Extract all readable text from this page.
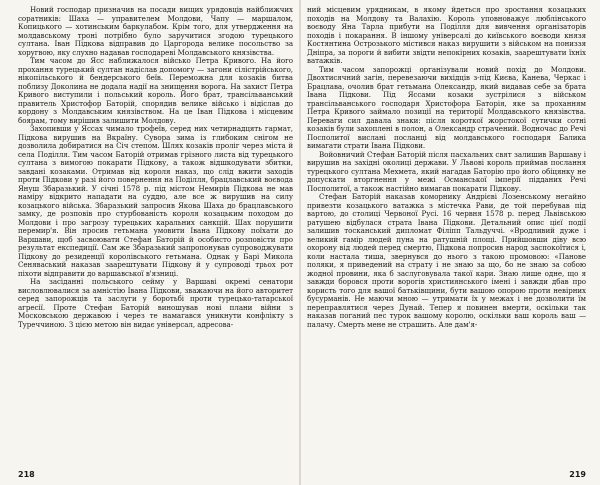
Новий господар призначив на посади вищих урядовців найближчих соратників: Шаха — управителем Молдови, Чапу — маршалом, Копицького — хотинським баркулабом. Крім того, для утвердження на молдавському троні потрібно було заручитися згодою турецького султана. Іван Підкова відправив до Царгорода велике посольство за хоругвою, яку слухно надавав господареві Молдавського князівства.

Тим часом до Ясс наближалося військо Петра Кривого. На його прохання турецький султан надіслав допомогу — загони сілістрійського, нікопільського й бендерського беїв. Переможна для козаків битва поблизу Доколина не додала надії на знищення ворога. На захист Петра Кривого виступили і польський король. Його брат, трансільванський правитель Христофор Баторій, спорядив велике військо і відіслав до кордону з Молдавським князівством. На це Іван Підкова і місцевим боярам, тому вирішив залишити Молдову.

Захопивши у Яссах чимало трофеїв, серед них четирнадцять гармат, Підкова вирушив на Вкраїну. Сувора зима із глибоким снігом не дозволила добиратися на Січ степом. Шлях козаків проліг через міста й села Поділля. Тим часом Баторій отримав грізного листа від турецького султана з вимогою покарати Підкову, а також відшкодувати збитки, завдані козаками. Отримав від короля наказ, що слід вжити заходів проти Підкови у разі його повернення на Поділля, брацлавський воєвода Януш Збаразький. У січні 1578 р. під містом Немирів Підкова не мав наміру відкрито нападати на суддю, але все ж вирушив на силу козацького війська. Збаразький запросив Якова Шаха до брацлавського замку, де розповів про стурбованість короля козацьким походом до Молдови і про загрозу турецьких каральних санкцій. Шах порушити перемир'я. Він просив гетьмана умовити Івана Підкову поїхати до Варшави, щоб засвоювати Стефан Баторій й особисто розповісти про результат експедиції. Сам же Збаразький запропонував супроводжувати Підкову до резиденції королівського гетьмана. Однак у Барі Микола Сеняваський наказав заарештувати Підкову й у супроводі трьох рот піхоти відправити до варшавської в'язниці.

На засіданні польського сейму у Варшаві окремі сенатори висловлювалися за амністію Івана Підкови, зважаючи на його авторитет серед запорожців та заслуги у боротьбі проти турецько-татарської агресії. Проте Стефан Баторій виношував нові плани війни з Московською державою і через те намагався уникнути конфлікту з Туреччиною. З цією метою він видає універсал, адресова-

218

ний місцевим урядникам, в якому йдеться про зростання козацьких походів на Молдову та Валахію. Король уповноважує люблінського воєводу Яна Тарла прибути на Поділля для вивчення організаторів походів і покарання. В іншому універсалі до київського воєводи князя Костянтина Острозького містився наказ вирушити з військом на пониззя Дніпра, за пороги й вибити звідти непокірних козаків, заарештувати їхніх ватажків.

Тим часом запорожці організували новий похід до Молдови. Двохтисячний загін, перевезаючи вихідців з-під Києва, Канева, Черкас і Брацлава, очолив брат гетьмана Олександр, який видавав себе за брата Івана Підкови. Під Яссами козаки зустрілися з військом трансільванського господаря Христофора Баторія, яке за проханням Петра Кривого займало позиції на території Молдавського князівства. Переваги сил давала знаки: після короткої жорстокої сутички сотні козаків були захоплені в полон, а Олександр страчений. Водночас до Речі Посполитої вислані посланці від молдавського господаря Балика вимагати страти Івана Підкови.

Войовничий Стефан Баторій після пасхальних свят залишив Варшаву і вирушив на західні околиці держави. У Львові король приймав послання турецького султана Мехмета, який нагадав Баторію про його обіцянку не допускати вторгнення у межі Османської імперії підданих Речі Посполитої, а також настійно вимагав покарати Підкову.

Стефан Баторій наказав коморнику Андрієві Лозенському негайно привезти козацького ватажка з містечка Рави, де той перебував під вартою, до столиці Червоної Русі. 16 червня 1578 р. перед Львівською ратушею відбулася страта Івана Підкови. Детальний опис цієї події залишив тосканський дипломат Філіпп Тальдуччі. «Вродливий дуже і великий гамір людей пуна на ратушній площі. Прийшовши діву всю охорону від людей перед смертю, Підкова попросив народ заспокоїтися і, коли настала тиша, звернувся до нього з такою промовою: «Панове поляки, я приведений на страту і не знаю за що, бо не знаю за собою жодної провини, яка б заслуговувала такої кари. Знаю лише одне, що я завжди боровся проти ворогів християнського імені і завжди дбав про користь того для вашої батьківщини, бути вашою опорою проти невірних бусурманів. Не маючи мною — утримати їх у межах і не дозволити їм переправлятися через Дунай. Тепер я повинен вмерти, оскільки так наказав поганий пес турок вашому королю, оскільки ваш король ваш — палачу. Смерть мене не страшить. Але дам'я-

219
